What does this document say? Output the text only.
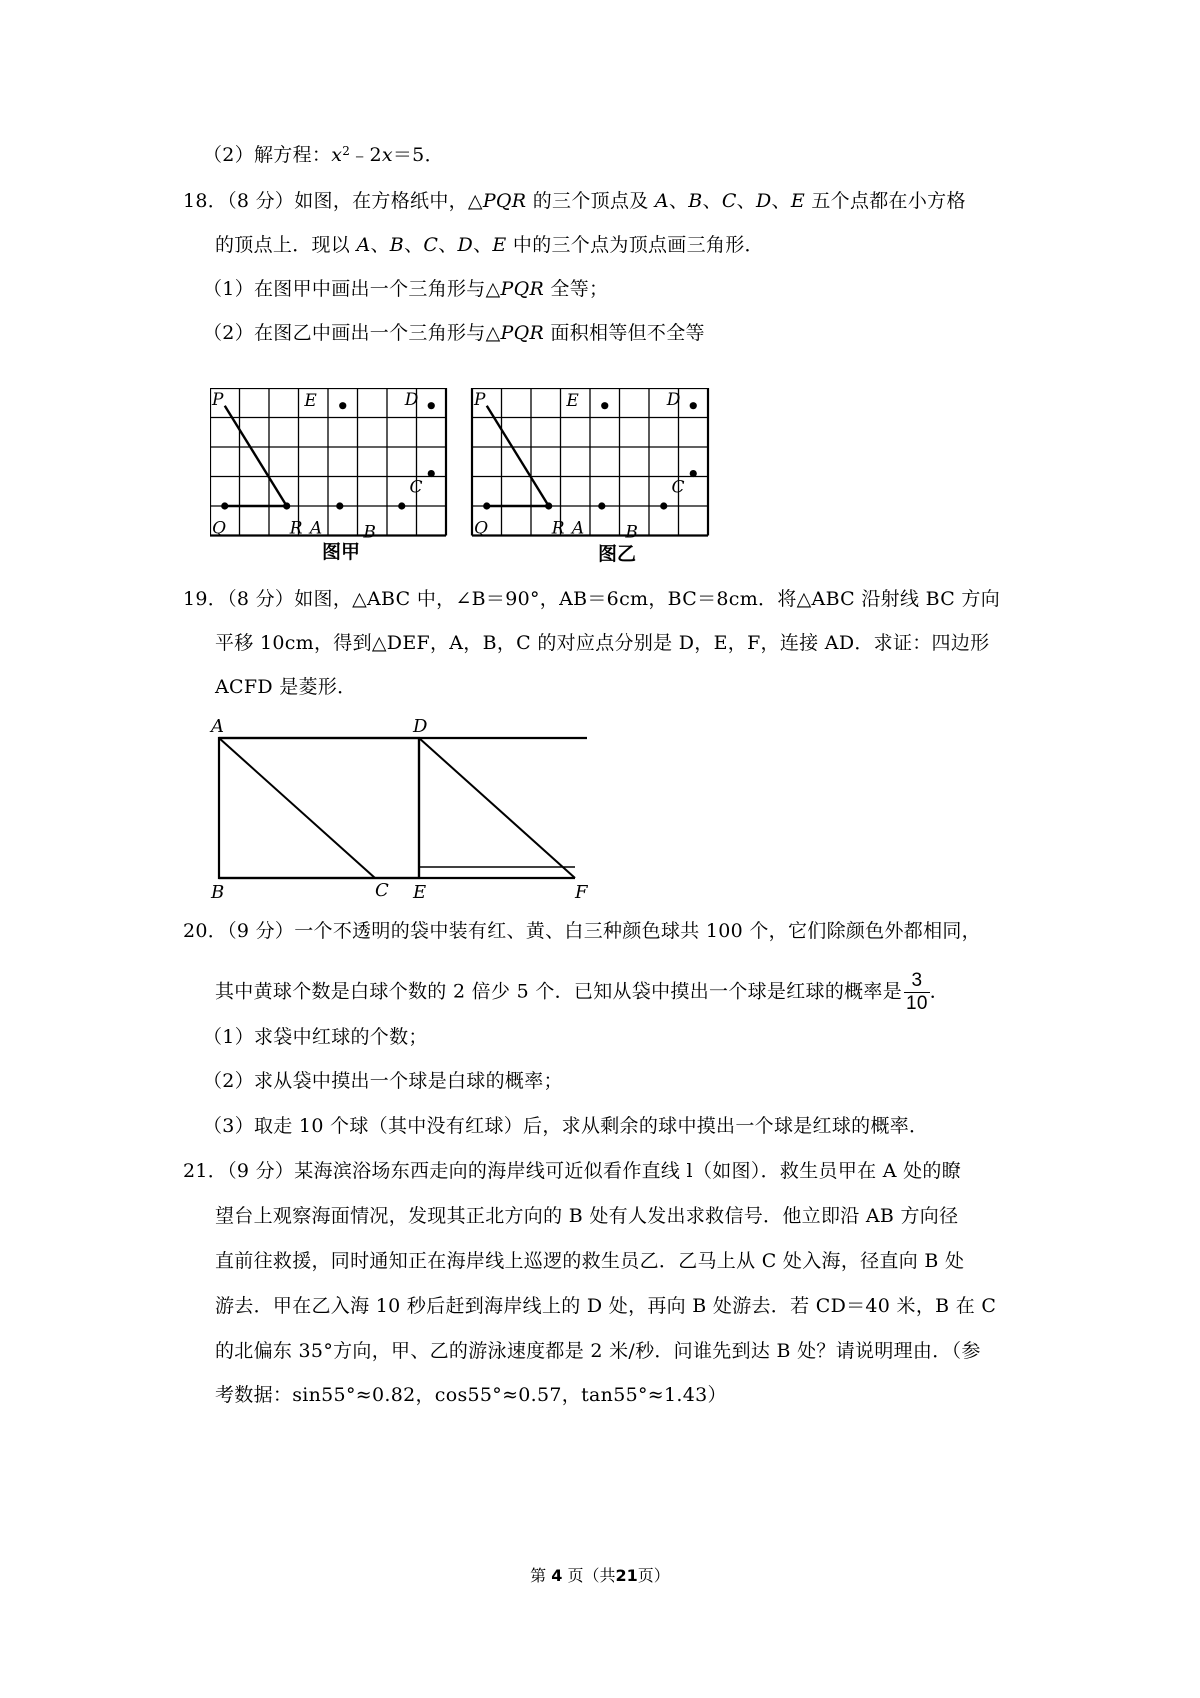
（2）解方程：$x^2﹣2x=5$．
18．（8 分）如图，在方格纸中，△PQR 的三个顶点及 A、B、C、D、E 五个点都在小方格
的顶点上．现以 A、B、C、D、E 中的三个点为顶点画三角形．
（1）在图甲中画出一个三角形与△PQR 全等；
（2）在图乙中画出一个三角形与△PQR 面积相等但不全等
P
Q	R A
E	D
C
B
P
Q	R A
E	D
C
B
图甲	图乙
19．（8 分）如图，△ABC 中，∠B＝90°，AB＝6cm，BC＝8cm．将△ABC 沿射线 BC 方向
平移 10cm，得到△DEF，A，B，C 的对应点分别是 D，E，F，连接 AD．求证：四边形
ACFD 是菱形．
A
B	C
D
E	F
20．（9 分）一个不透明的袋中装有红、黄、白三种颜色球共 100 个，它们除颜色外都相同，
其中黄球个数是白球个数的 2 倍少 5 个．已知从袋中摸出一个球是红球的概率是 $\frac{3}{10}$ ．
（1）求袋中红球的个数；
（2）求从袋中摸出一个球是白球的概率；
（3）取走 10 个球（其中没有红球）后，求从剩余的球中摸出一个球是红球的概率．
21．（9 分）某海滨浴场东西走向的海岸线可近似看作直线 l（如图）．救生员甲在 A 处的瞭
望台上观察海面情况，发现其正北方向的 B 处有人发出求救信号．他立即沿 AB 方向径
直前往救援，同时通知正在海岸线上巡逻的救生员乙．乙马上从 C 处入海，径直向 B 处
游去．甲在乙入海 10 秒后赶到海岸线上的 D 处，再向 B 处游去．若 CD＝40 米，B 在 C
的北偏东 35°方向，甲、乙的游泳速度都是 2 米/秒．问谁先到达 B 处？请说明理由．（参
考数据：sin55°≈0.82，cos55°≈0.57，tan55°≈1.43）
第 4 页（共21页）
